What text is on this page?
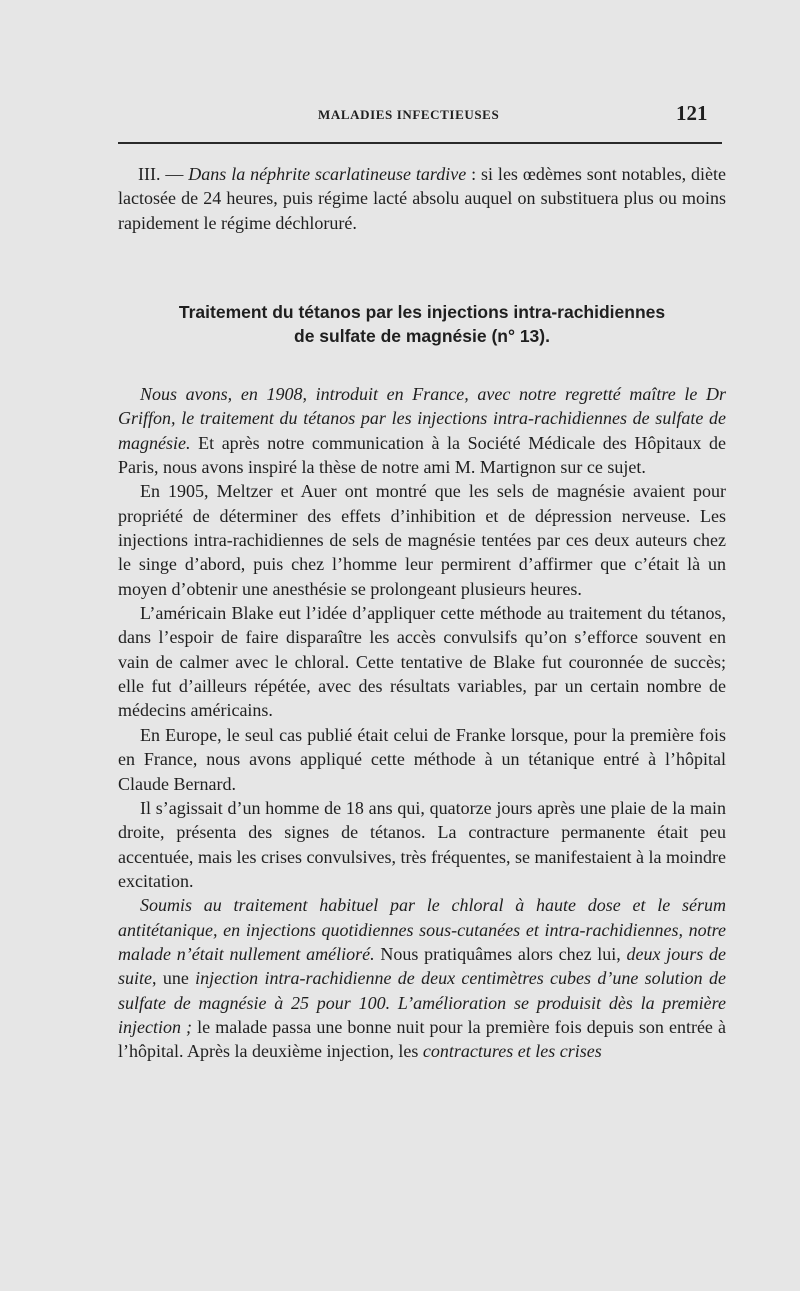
MALADIES INFECTIEUSES	121

III. — Dans la néphrite scarlatineuse tardive : si les œdèmes sont notables, diète lactosée de 24 heures, puis régime lacté absolu auquel on substituera plus ou moins rapidement le régime déchloruré.

Traitement du tétanos par les injections intra-rachidiennes
de sulfate de magnésie (n° 13).

Nous avons, en 1908, introduit en France, avec notre regretté maître le Dr Griffon, le traitement du tétanos par les injections intra-rachidiennes de sulfate de magnésie. Et après notre communication à la Société Médicale des Hôpitaux de Paris, nous avons inspiré la thèse de notre ami M. Martignon sur ce sujet.

En 1905, Meltzer et Auer ont montré que les sels de magnésie avaient pour propriété de déterminer des effets d’inhibition et de dépression nerveuse. Les injections intra-rachidiennes de sels de magnésie tentées par ces deux auteurs chez le singe d’abord, puis chez l’homme leur permirent d’affirmer que c’était là un moyen d’obtenir une anesthésie se prolongeant plusieurs heures.

L’américain Blake eut l’idée d’appliquer cette méthode au traitement du tétanos, dans l’espoir de faire disparaître les accès convulsifs qu’on s’efforce souvent en vain de calmer avec le chloral. Cette tentative de Blake fut couronnée de succès; elle fut d’ailleurs répétée, avec des résultats variables, par un certain nombre de médecins américains.

En Europe, le seul cas publié était celui de Franke lorsque, pour la première fois en France, nous avons appliqué cette méthode à un tétanique entré à l’hôpital Claude Bernard.

Il s’agissait d’un homme de 18 ans qui, quatorze jours après une plaie de la main droite, présenta des signes de tétanos. La contracture permanente était peu accentuée, mais les crises convulsives, très fréquentes, se manifestaient à la moindre excitation.

Soumis au traitement habituel par le chloral à haute dose et le sérum antitétanique, en injections quotidiennes sous-cutanées et intra-rachidiennes, notre malade n’était nullement amélioré. Nous pratiquâmes alors chez lui, deux jours de suite, une injection intra-rachidienne de deux centimètres cubes d’une solution de sulfate de magnésie à 25 pour 100. L’amélioration se produisit dès la première injection ; le malade passa une bonne nuit pour la première fois depuis son entrée à l’hôpital. Après la deuxième injection, les contractures et les crises
